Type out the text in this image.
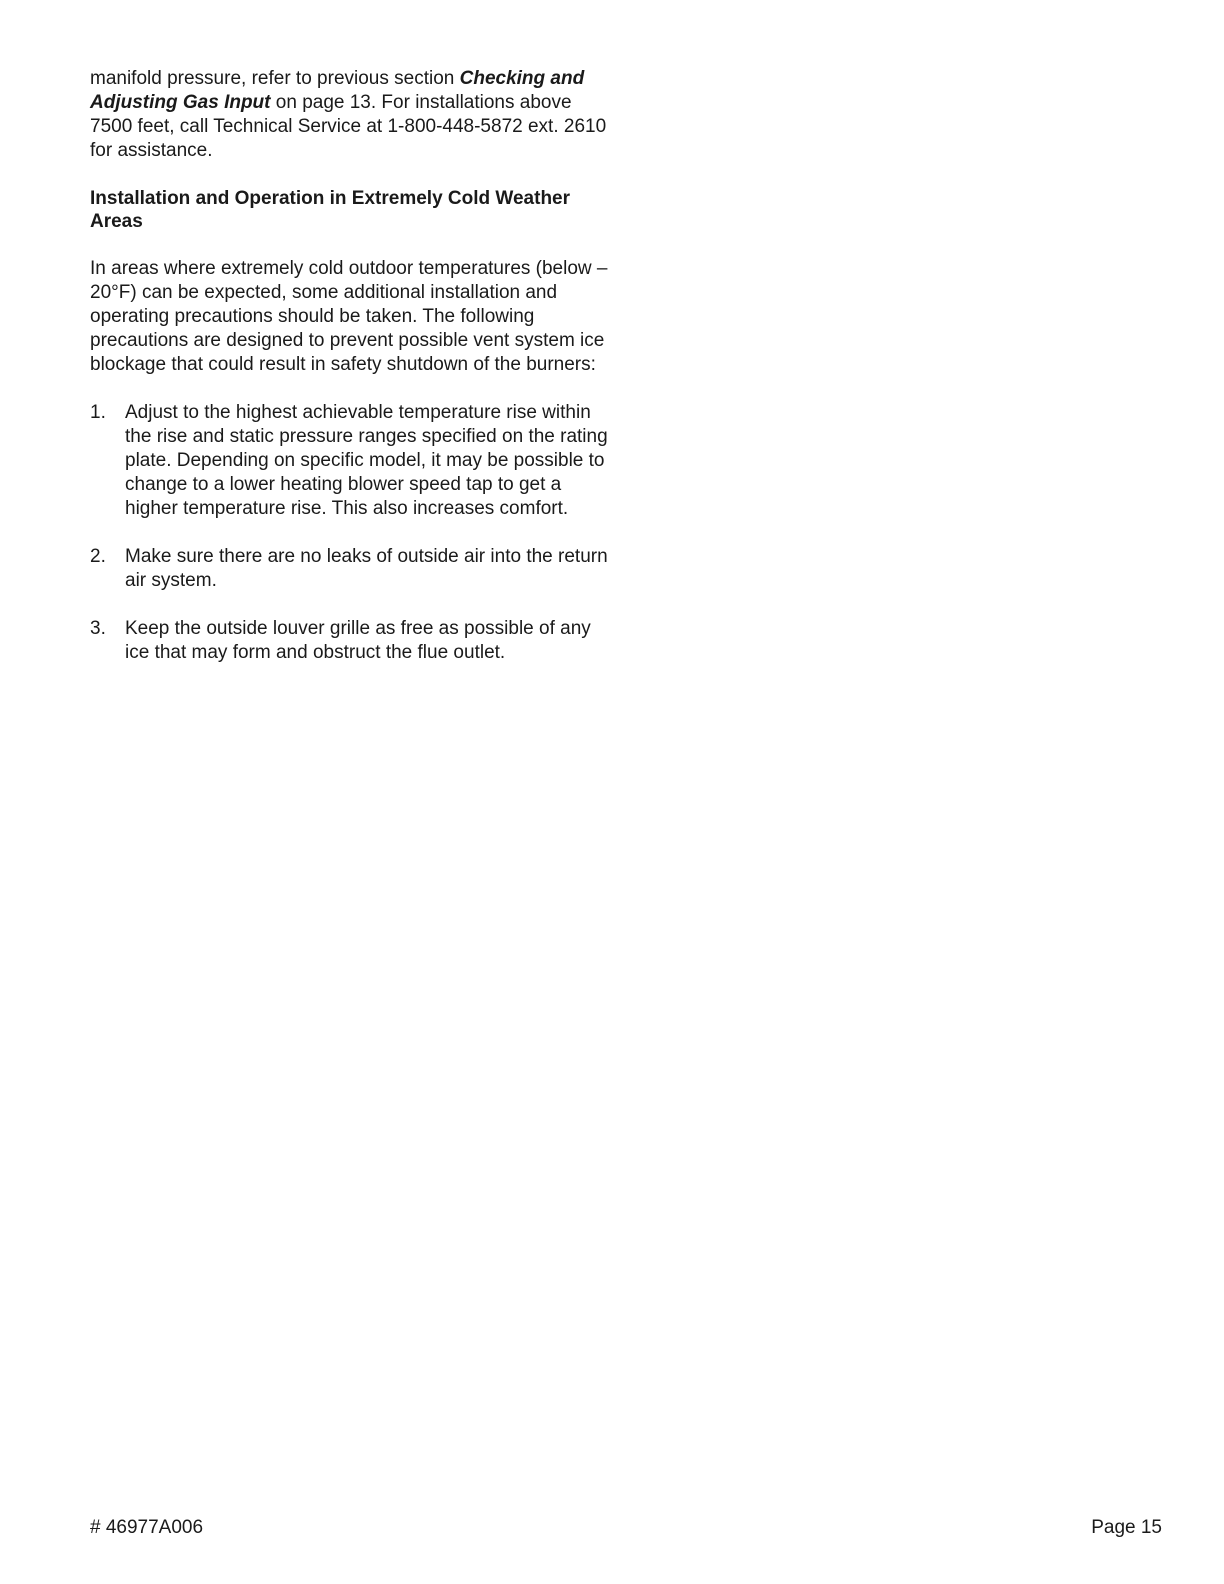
manifold pressure, refer to previous section Checking and Adjusting Gas Input on page 13. For installations above 7500 feet, call Technical Service at 1-800-448-5872 ext. 2610 for assistance.

Installation and Operation in Extremely Cold Weather Areas

In areas where extremely cold outdoor temperatures (below – 20°F) can be expected, some additional installation and operating precautions should be taken. The following precautions are designed to prevent possible vent system ice blockage that could result in safety shutdown of the burners:

1. Adjust to the highest achievable temperature rise within the rise and static pressure ranges specified on the rating plate. Depending on specific model, it may be possible to change to a lower heating blower speed tap to get a higher temperature rise. This also increases comfort.
2. Make sure there are no leaks of outside air into the return air system.
3. Keep the outside louver grille as free as possible of any ice that may form and obstruct the flue outlet.
# 46977A006	Page 15
